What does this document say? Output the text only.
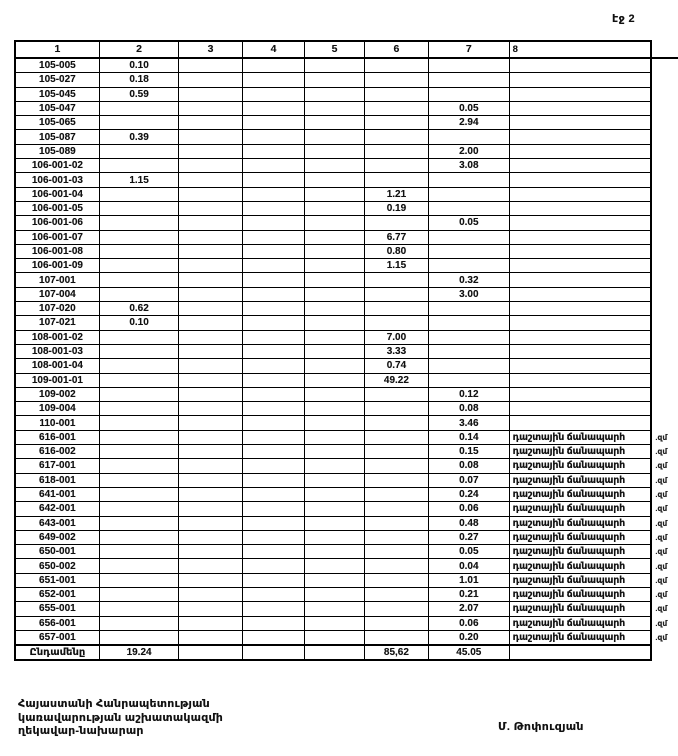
էջ 2
1	2	3	4	5	6	7	8	
105-005	0.10							
105-027	0.18							
105-045	0.59							
105-047						0.05		
105-065						2.94		
105-087	0.39							
105-089						2.00		
106-001-02						3.08		
106-001-03	1.15							
106-001-04					1.21			
106-001-05					0.19			
106-001-06						0.05		
106-001-07					6.77			
106-001-08					0.80			
106-001-09					1.15			
107-001						0.32		
107-004						3.00		
107-020	0.62							
107-021	0.10							
108-001-02					7.00			
108-001-03					3.33			
108-001-04					0.74			
109-001-01					49.22			
109-002						0.12		
109-004						0.08		
110-001						3.46		
616-001						0.14	դաշտային ճանապարհ	.զմ
616-002						0.15	դաշտային ճանապարհ	.զմ
617-001						0.08	դաշտային ճանապարհ	.զմ
618-001						0.07	դաշտային ճանապարհ	.զմ
641-001						0.24	դաշտային ճանապարհ	.զմ
642-001						0.06	դաշտային ճանապարհ	.զմ
643-001						0.48	դաշտային ճանապարհ	.զմ
649-002						0.27	դաշտային ճանապարհ	.զմ
650-001						0.05	դաշտային ճանապարհ	.զմ
650-002						0.04	դաշտային ճանապարհ	.զմ
651-001						1.01	դաշտային ճանապարհ	.զմ
652-001						0.21	դաշտային ճանապարհ	.զմ
655-001						2.07	դաշտային ճանապարհ	.զմ
656-001						0.06	դաշտային ճանապարհ	.զմ
657-001						0.20	դաշտային ճանապարհ	.զմ
Ընդամենը	19.24				85,62	45.05		
Հայաստանի Հանրապետության
կառավարության աշխատակազմի
ղեկավար-նախարար	Մ. Թոփուզյան
